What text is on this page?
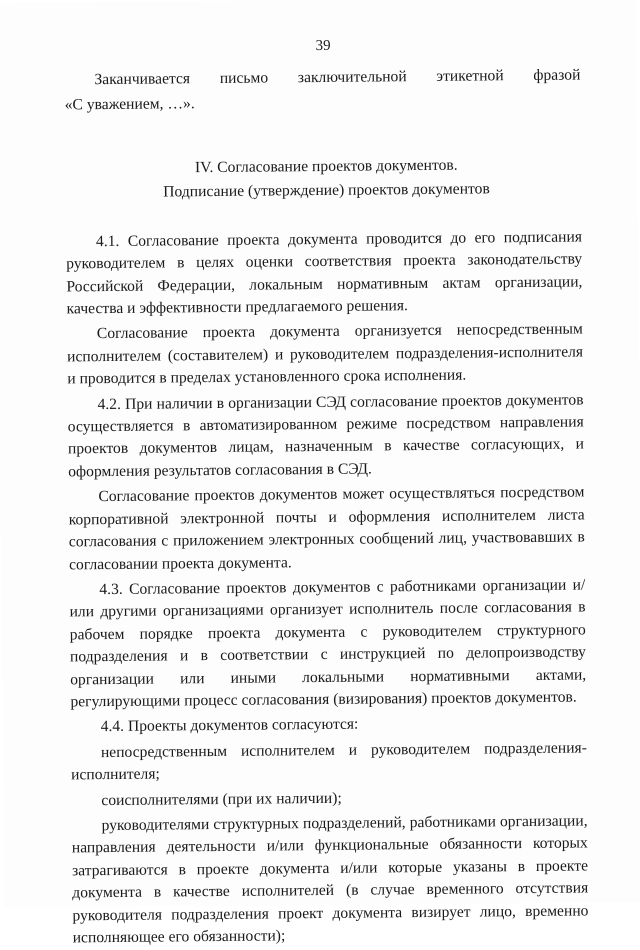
39

Заканчивается письмо заключительной этикетной фразой

«С уважением, …».

IV. Согласование проектов документов.
Подписание (утверждение) проектов документов

4.1. Согласование проекта документа проводится до его подписания руководителем в целях оценки соответствия проекта законодательству Российской Федерации, локальным нормативным актам организации, качества и эффективности предлагаемого решения.

Согласование проекта документа организуется непосредственным исполнителем (составителем) и руководителем подразделения-исполнителя и проводится в пределах установленного срока исполнения.

4.2. При наличии в организации СЭД согласование проектов документов осуществляется в автоматизированном режиме посредством направления проектов документов лицам, назначенным в качестве согласующих, и оформления результатов согласования в СЭД.

Согласование проектов документов может осуществляться посредством корпоративной электронной почты и оформления исполнителем листа согласования с приложением электронных сообщений лиц, участвовавших в согласовании проекта документа.

4.3. Согласование проектов документов с работниками организации и/или другими организациями организует исполнитель после согласования в рабочем порядке проекта документа с руководителем структурного подразделения и в соответствии с инструкцией по делопроизводству организации или иными локальными нормативными актами, регулирующими процесс согласования (визирования) проектов документов.

4.4. Проекты документов согласуются:

непосредственным исполнителем и руководителем подразделения-исполнителя;

соисполнителями (при их наличии);

руководителями структурных подразделений, работниками организации, направления деятельности и/или функциональные обязанности которых затрагиваются в проекте документа и/или которые указаны в проекте документа в качестве исполнителей (в случае временного отсутствия руководителя подразделения проект документа визирует лицо, временно исполняющее его обязанности);
